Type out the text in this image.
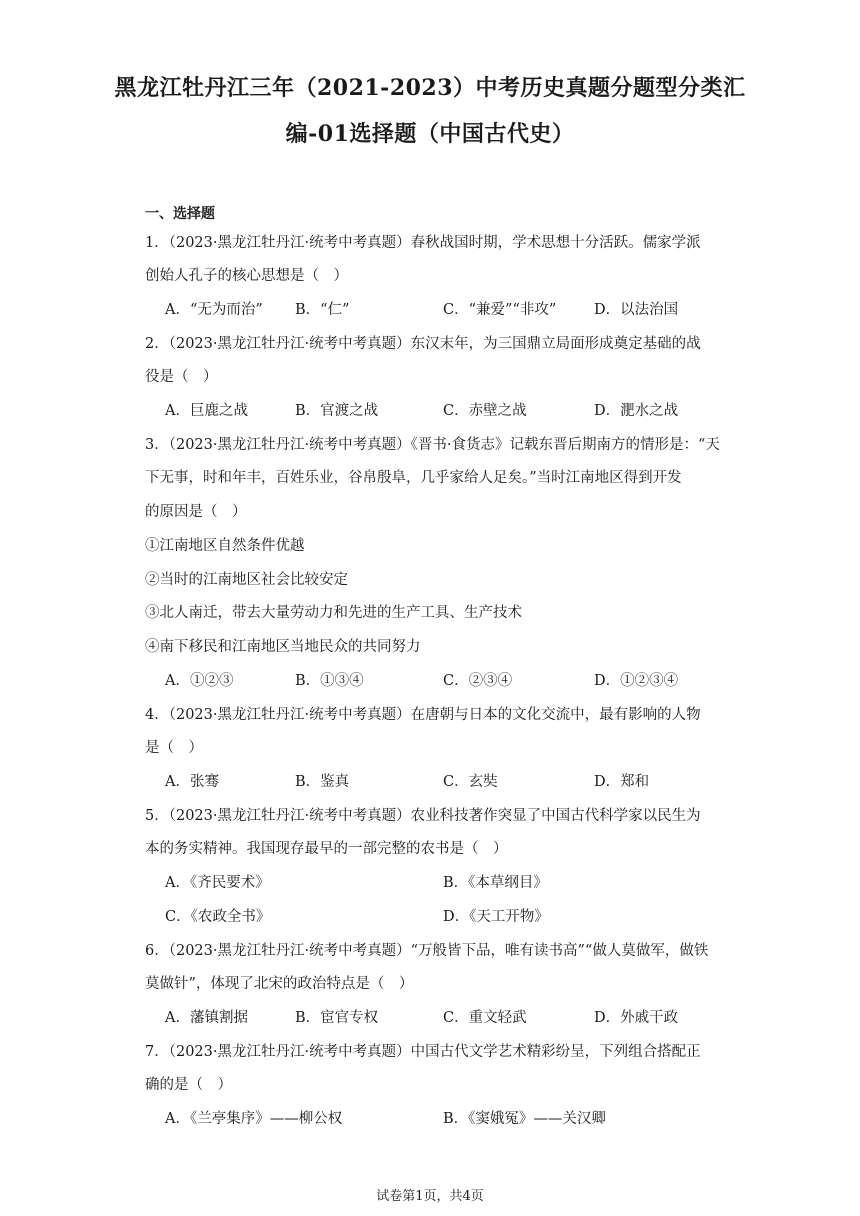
黑龙江牡丹江三年（2021-2023）中考历史真题分题型分类汇
编-01选择题（中国古代史）
一、选择题
1．（2023·黑龙江牡丹江·统考中考真题）春秋战国时期，学术思想十分活跃。儒家学派
创始人孔子的核心思想是（　）
A．“无为而治” B．“仁”	C．“兼爱”“非攻”	D．以法治国
2．（2023·黑龙江牡丹江·统考中考真题）东汉末年，为三国鼎立局面形成奠定基础的战
役是（　）
A．巨鹿之战	B．官渡之战	C．赤壁之战	D．淝水之战
3．（2023·黑龙江牡丹江·统考中考真题）《晋书·食货志》记载东晋后期南方的情形是：“天
下无事，时和年丰，百姓乐业，谷帛殷阜，几乎家给人足矣。”当时江南地区得到开发
的原因是（　）
①江南地区自然条件优越
②当时的江南地区社会比较安定
③北人南迁，带去大量劳动力和先进的生产工具、生产技术
④南下移民和江南地区当地民众的共同努力
A．①②③	B．①③④	C．②③④	D．①②③④
4．（2023·黑龙江牡丹江·统考中考真题）在唐朝与日本的文化交流中，最有影响的人物
是（　）
A．张骞	B．鉴真	C．玄奘	D．郑和
5．（2023·黑龙江牡丹江·统考中考真题）农业科技著作突显了中国古代科学家以民生为
本的务实精神。我国现存最早的一部完整的农书是（　）
A．《齐民要术》	B．《本草纲目》
C．《农政全书》	D．《天工开物》
6．（2023·黑龙江牡丹江·统考中考真题）“万般皆下品，唯有读书高”“做人莫做军，做铁
莫做针”，体现了北宋的政治特点是（　）
A．藩镇割据	B．宦官专权	C．重文轻武	D．外戚干政
7．（2023·黑龙江牡丹江·统考中考真题）中国古代文学艺术精彩纷呈，下列组合搭配正
确的是（　）
A．《兰亭集序》——柳公权	B．《窦娥冤》——关汉卿
试卷第1页，共4页
